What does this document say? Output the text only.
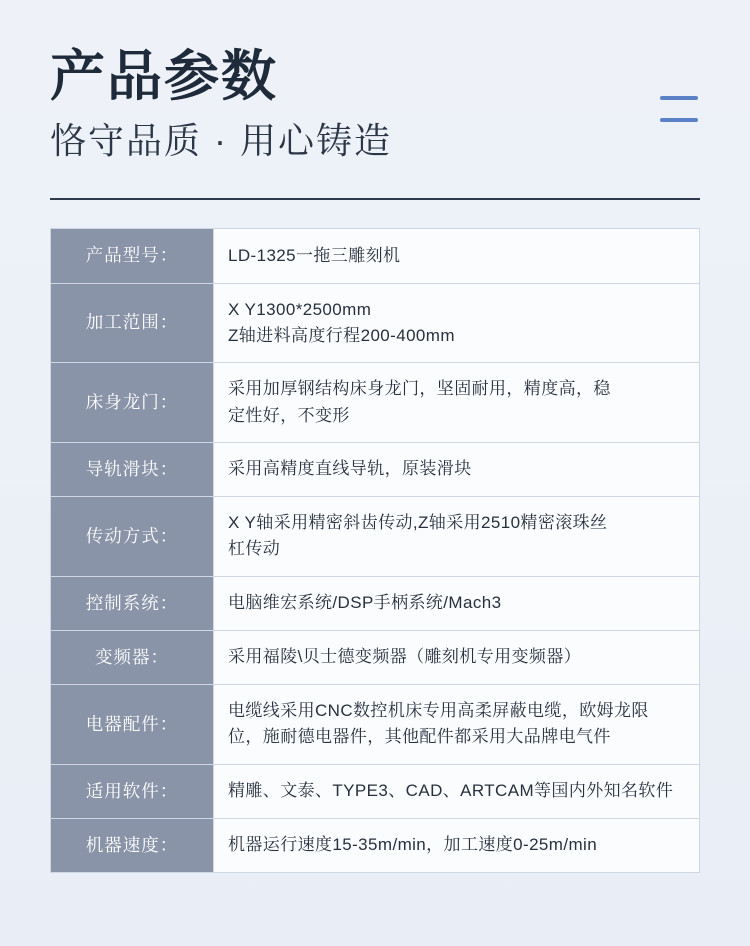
产品参数
恪守品质 · 用心铸造
产品型号：	LD-1325一拖三雕刻机

加工范围：	X Y1300*2500mm
Z轴进料高度行程200-400mm

床身龙门：	采用加厚钢结构床身龙门，坚固耐用，精度高，稳
定性好，不变形

导轨滑块：	采用高精度直线导轨，原装滑块

传动方式：	X Y轴采用精密斜齿传动,Z轴采用2510精密滚珠丝
杠传动

控制系统：	电脑维宏系统/DSP手柄系统/Mach3

变频器：	采用福陵\贝士德变频器（雕刻机专用变频器）

电器配件：	电缆线采用CNC数控机床专用高柔屏蔽电缆，欧姆龙限
位，施耐德电器件，其他配件都采用大品牌电气件

适用软件：	精雕、文泰、TYPE3、CAD、ARTCAM等国内外知名软件

机器速度：	机器运行速度15-35m/min，加工速度0-25m/min
